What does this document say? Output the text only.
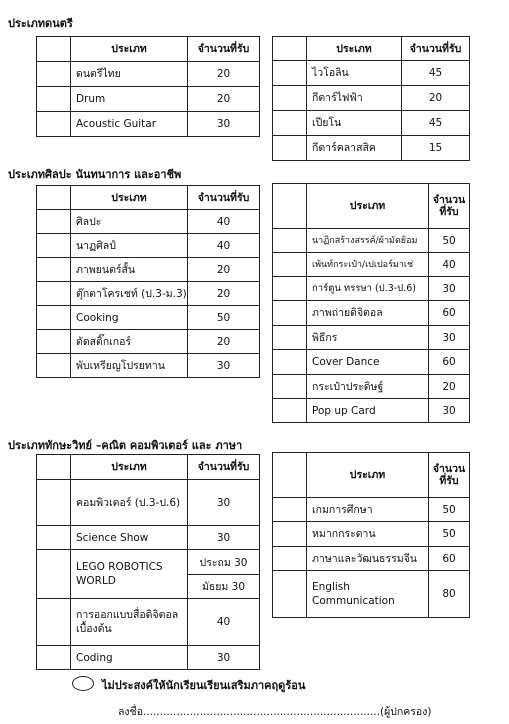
ประเภทดนตรี
	ประเภท	จำนวนที่รับ
	ดนตรีไทย	20
	Drum	20
	Acoustic Guitar	30
	ประเภท	จำนวนที่รับ
	ไวโอลิน	45
	กีตาร์ไฟฟ้า	20
	เปียโน	45
	กีตาร์คลาสสิค	15
ประเภทศิลปะ นันทนาการ และอาชีพ
	ประเภท	จำนวนที่รับ
	ศิลปะ	40
	นาฏศิลป์	40
	ภาพยนตร์สั้น	20
	ตุ๊กตาโครเชท์ (ป.3-ม.3)	20
	Cooking	50
	ตัดสติ๊กเกอร์	20
	พับเหรียญโปรยทาน	30
	ประเภท	จำนวน
ที่รับ
	นาฏิกสร้างสรรค์/ผ้ามัดย้อม	50
	เพ้นท์กระเป๋า/เปเปอร์มาเช่	40
	การ์ตูน ทรรษา (ป.3-ป.6)	30
	ภาพถ่ายดิจิตอล	60
	พิธีกร	30
	Cover Dance	60
	กระเป๋าประดิษฐ์	20
	Pop up Card	30
ประเภททักษะวิทย์ –คณิต คอมพิวเตอร์ และ ภาษา
	ประเภท	จำนวนที่รับ
	คอมพิวเตอร์ (ป.3-ป.6)	30
	Science Show	30
	LEGO ROBOTICS
WORLD	ประถม 30
		มัธยม 30
	การออกแบบสื่อดิจิตอล
เบื้องต้น	40
	Coding	30
	ประเภท	จำนวน
ที่รับ
	เกมการศึกษา	50
	หมากกระดาน	50
	ภาษาและวัฒนธรรมจีน	60
	English
Communication	80
ไม่ประสงค์ให้นักเรียนเรียนเสริมภาคฤดูร้อน
ลงชื่อ.......................................................................(ผู้ปกครอง)
